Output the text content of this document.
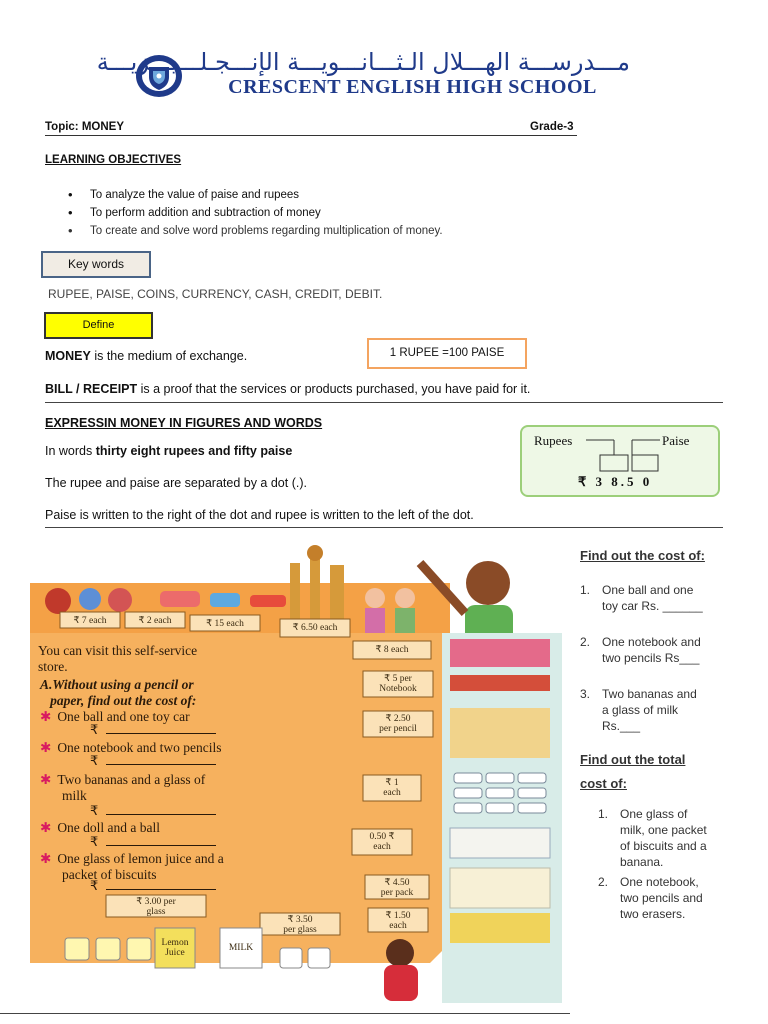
مـــدرســـة الهـــلال الـثـــانـــويـــة الإنـــجـلـــيـــزيـــة
CRESCENT ENGLISH HIGH SCHOOL
Topic: MONEY	Grade-3
LEARNING OBJECTIVES
• To analyze the value of paise and rupees
• To perform addition and subtraction of money
• To create and solve word problems regarding multiplication of money.
Key words
RUPEE, PAISE, COINS, CURRENCY, CASH, CREDIT, DEBIT.
Define
MONEY is the medium of exchange.	1 RUPEE =100 PAISE
BILL / RECEIPT is a proof that the services or products purchased, you have paid for it.
EXPRESSIN MONEY IN FIGURES AND WORDS
In words thirty eight rupees and fifty paise
The rupee and paise are separated by a dot (.).
Paise is written to the right of the dot and rupee is written to the left of the dot.
Rupees	Paise
₹ 3 8.5 0
₹ 7 each	₹ 2 each	₹ 15 each	₹ 6.50 each
₹ 8 each
₹ 5 per
Notebook
₹ 2.50
per pencil
₹ 1
each
0.50 ₹
each
₹ 4.50
per pack
₹ 1.50
each
₹ 3.00 per
glass
₹ 3.50
per glass
Lemon
Juice	MILK
You can visit this self-service
store.
A.Without using a pencil or
paper, find out the cost of:
✱ One ball and one toy car
₹
✱ One notebook and two pencils
₹
✱ Two bananas and a glass of
milk
₹
✱ One doll and a ball
₹
✱ One glass of lemon juice and a
packet of biscuits
₹
Find out the cost of:
1. One ball and one
toy car Rs. ______
2. One notebook and
two pencils Rs___
3. Two bananas and
a glass of milk
Rs.___
Find out the total
cost of:
1. One glass of
milk, one packet
of biscuits and a
banana.
2. One notebook,
two pencils and
two erasers.
